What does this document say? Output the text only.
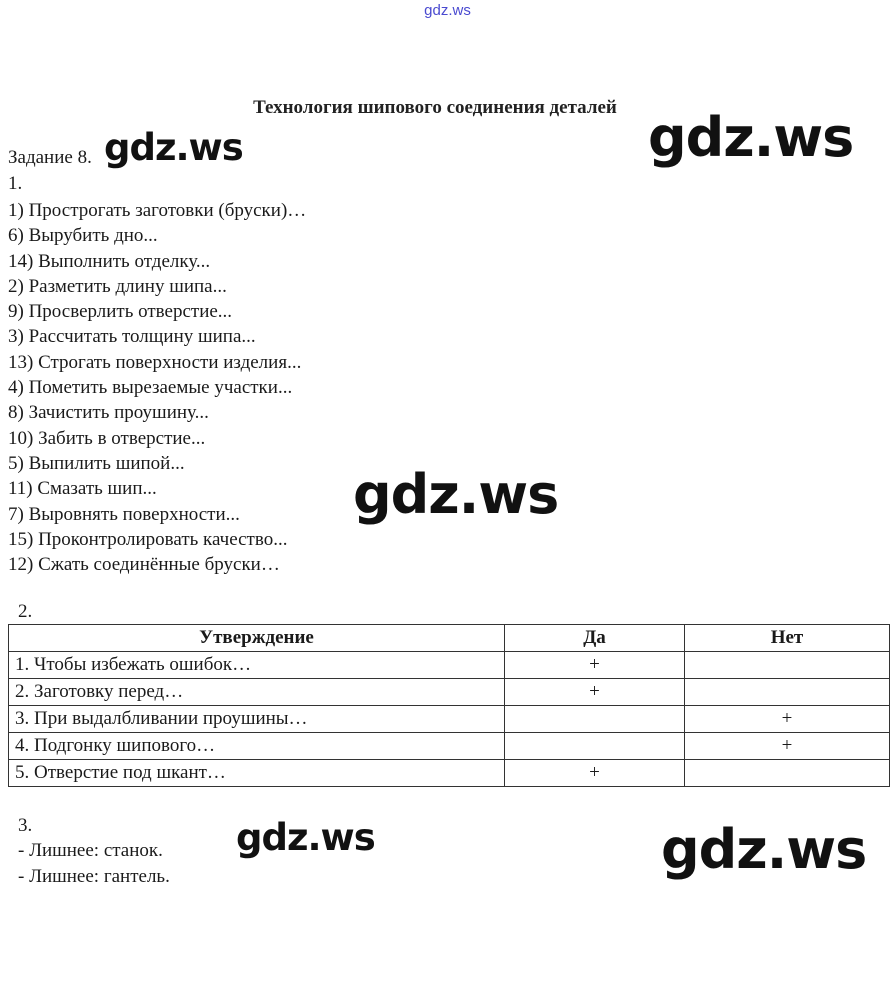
gdz.ws
Технология шипового соединения деталей
Задание 8.
1.
1) Прострогать заготовки (бруски)…
6) Вырубить дно...
14) Выполнить отделку...
2) Разметить длину шипа...
9) Просверлить отверстие...
3) Рассчитать толщину шипа...
13) Строгать поверхности изделия...
4) Пометить вырезаемые участки...
8) Зачистить проушину...
10) Забить в отверстие...
5) Выпилить шипой...
11) Смазать шип...
7) Выровнять поверхности...
15) Проконтролировать качество...
12) Сжать соединённые бруски…
2.
Утверждение	Да	Нет
1. Чтобы избежать ошибок…	+	
2. Заготовку перед…	+	
3. При выдалбливании проушины…		+
4. Подгонку шипового…		+
5. Отверстие под шкант…	+	
3.
- Лишнее: станок.
- Лишнее: гантель.
gdz.ws	gdz.ws
gdz.ws
gdz.ws	gdz.ws
